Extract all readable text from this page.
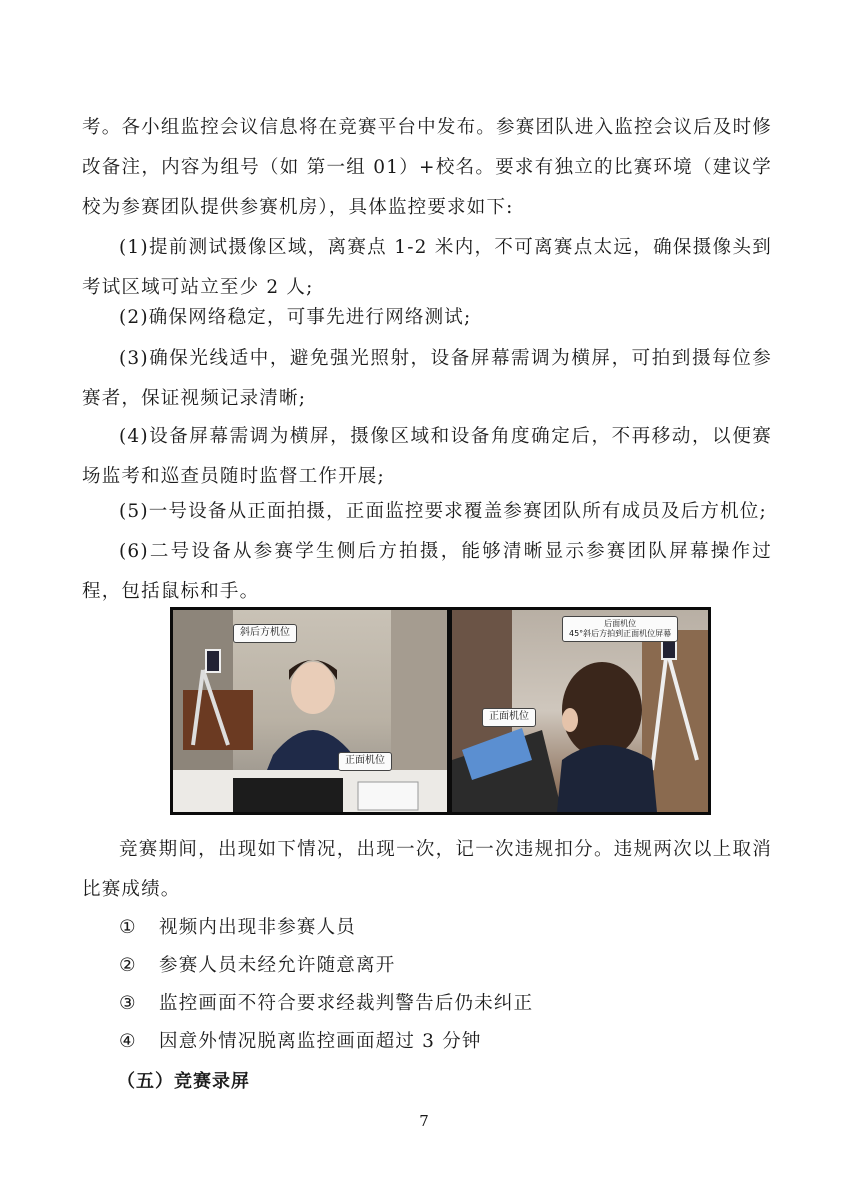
考。各小组监控会议信息将在竞赛平台中发布。参赛团队进入监控会议后及时修改备注，内容为组号（如 第一组 01）+校名。要求有独立的比赛环境（建议学校为参赛团队提供参赛机房），具体监控要求如下:

(1)提前测试摄像区域，离赛点 1-2 米内，不可离赛点太远，确保摄像头到考试区域可站立至少 2 人;

(2)确保网络稳定，可事先进行网络测试;

(3)确保光线适中，避免强光照射，设备屏幕需调为横屏，可拍到摄每位参赛者，保证视频记录清晰;

(4)设备屏幕需调为横屏，摄像区域和设备角度确定后，不再移动，以便赛场监考和巡查员随时监督工作开展;

(5)一号设备从正面拍摄，正面监控要求覆盖参赛团队所有成员及后方机位;

(6)二号设备从参赛学生侧后方拍摄，能够清晰显示参赛团队屏幕操作过程，包括鼠标和手。

斜后方机位
正面机位
后面机位
45°斜后方拍到正面机位屏幕
正面机位

竞赛期间，出现如下情况，出现一次，记一次违规扣分。违规两次以上取消比赛成绩。

① 视频内出现非参赛人员
② 参赛人员未经允许随意离开
③ 监控画面不符合要求经裁判警告后仍未纠正
④ 因意外情况脱离监控画面超过 3 分钟
（五）竞赛录屏
7
